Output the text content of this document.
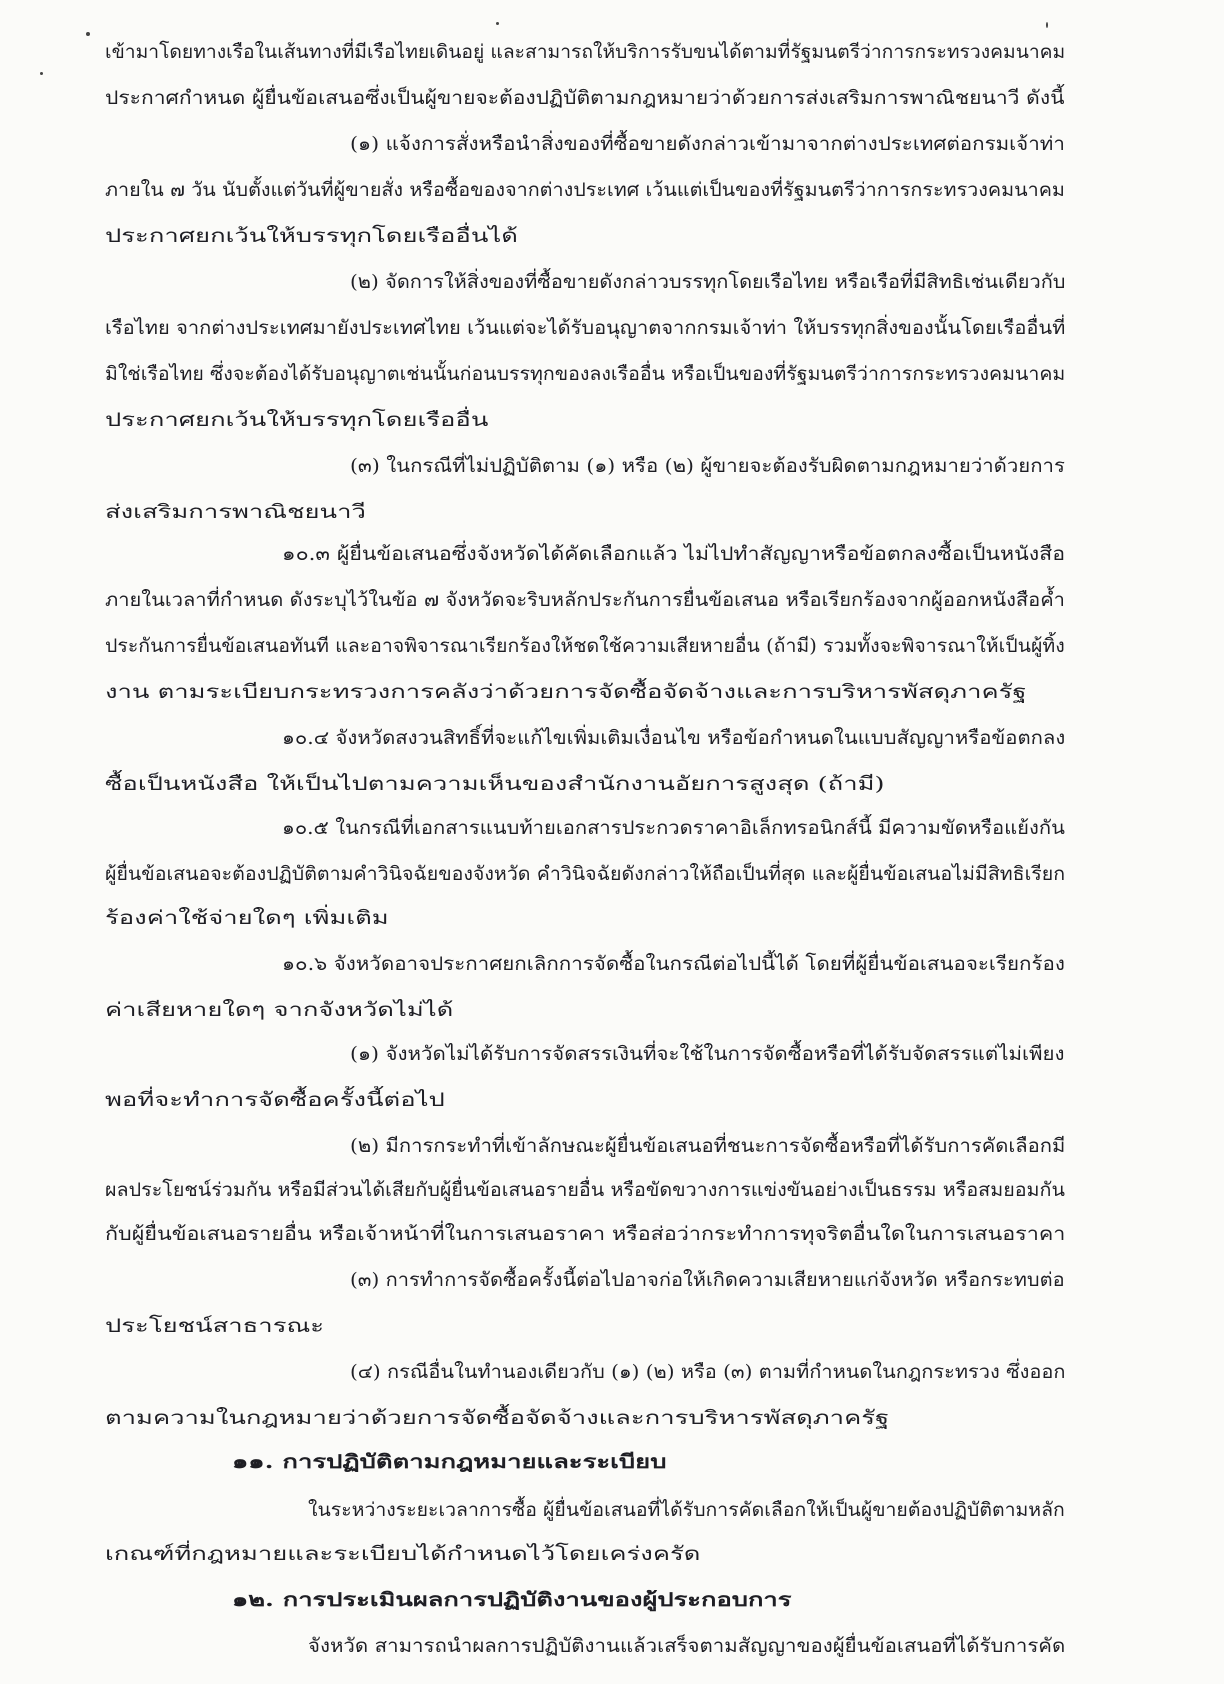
เข้ามาโดยทางเรือในเส้นทางที่มีเรือไทยเดินอยู่ และสามารถให้บริการรับขนได้ตามที่รัฐมนตรีว่าการกระทรวงคมนาคม
ประกาศกำหนด ผู้ยื่นข้อเสนอซึ่งเป็นผู้ขายจะต้องปฏิบัติตามกฎหมายว่าด้วยการส่งเสริมการพาณิชยนาวี ดังนี้
(๑) แจ้งการสั่งหรือนำสิ่งของที่ซื้อขายดังกล่าวเข้ามาจากต่างประเทศต่อกรมเจ้าท่า
ภายใน ๗ วัน นับตั้งแต่วันที่ผู้ขายสั่ง หรือซื้อของจากต่างประเทศ เว้นแต่เป็นของที่รัฐมนตรีว่าการกระทรวงคมนาคม
ประกาศยกเว้นให้บรรทุกโดยเรืออื่นได้
(๒) จัดการให้สิ่งของที่ซื้อขายดังกล่าวบรรทุกโดยเรือไทย หรือเรือที่มีสิทธิเช่นเดียวกับ
เรือไทย จากต่างประเทศมายังประเทศไทย เว้นแต่จะได้รับอนุญาตจากกรมเจ้าท่า ให้บรรทุกสิ่งของนั้นโดยเรืออื่นที่
มิใช่เรือไทย ซึ่งจะต้องได้รับอนุญาตเช่นนั้นก่อนบรรทุกของลงเรืออื่น หรือเป็นของที่รัฐมนตรีว่าการกระทรวงคมนาคม
ประกาศยกเว้นให้บรรทุกโดยเรืออื่น
(๓) ในกรณีที่ไม่ปฏิบัติตาม (๑) หรือ (๒) ผู้ขายจะต้องรับผิดตามกฎหมายว่าด้วยการ
ส่งเสริมการพาณิชยนาวี
๑๐.๓ ผู้ยื่นข้อเสนอซึ่งจังหวัดได้คัดเลือกแล้ว ไม่ไปทำสัญญาหรือข้อตกลงซื้อเป็นหนังสือ
ภายในเวลาที่กำหนด ดังระบุไว้ในข้อ ๗ จังหวัดจะริบหลักประกันการยื่นข้อเสนอ หรือเรียกร้องจากผู้ออกหนังสือค้ำ
ประกันการยื่นข้อเสนอทันที และอาจพิจารณาเรียกร้องให้ชดใช้ความเสียหายอื่น (ถ้ามี) รวมทั้งจะพิจารณาให้เป็นผู้ทิ้ง
งาน ตามระเบียบกระทรวงการคลังว่าด้วยการจัดซื้อจัดจ้างและการบริหารพัสดุภาครัฐ
๑๐.๔ จังหวัดสงวนสิทธิ์ที่จะแก้ไขเพิ่มเติมเงื่อนไข หรือข้อกำหนดในแบบสัญญาหรือข้อตกลง
ซื้อเป็นหนังสือ ให้เป็นไปตามความเห็นของสำนักงานอัยการสูงสุด (ถ้ามี)
๑๐.๕ ในกรณีที่เอกสารแนบท้ายเอกสารประกวดราคาอิเล็กทรอนิกส์นี้ มีความขัดหรือแย้งกัน
ผู้ยื่นข้อเสนอจะต้องปฏิบัติตามคำวินิจฉัยของจังหวัด คำวินิจฉัยดังกล่าวให้ถือเป็นที่สุด และผู้ยื่นข้อเสนอไม่มีสิทธิเรียก
ร้องค่าใช้จ่ายใดๆ เพิ่มเติม
๑๐.๖ จังหวัดอาจประกาศยกเลิกการจัดซื้อในกรณีต่อไปนี้ได้ โดยที่ผู้ยื่นข้อเสนอจะเรียกร้อง
ค่าเสียหายใดๆ จากจังหวัดไม่ได้
(๑) จังหวัดไม่ได้รับการจัดสรรเงินที่จะใช้ในการจัดซื้อหรือที่ได้รับจัดสรรแต่ไม่เพียง
พอที่จะทำการจัดซื้อครั้งนี้ต่อไป
(๒) มีการกระทำที่เข้าลักษณะผู้ยื่นข้อเสนอที่ชนะการจัดซื้อหรือที่ได้รับการคัดเลือกมี
ผลประโยชน์ร่วมกัน หรือมีส่วนได้เสียกับผู้ยื่นข้อเสนอรายอื่น หรือขัดขวางการแข่งขันอย่างเป็นธรรม หรือสมยอมกัน
กับผู้ยื่นข้อเสนอรายอื่น หรือเจ้าหน้าที่ในการเสนอราคา หรือส่อว่ากระทำการทุจริตอื่นใดในการเสนอราคา
(๓) การทำการจัดซื้อครั้งนี้ต่อไปอาจก่อให้เกิดความเสียหายแก่จังหวัด หรือกระทบต่อ
ประโยชน์สาธารณะ
(๔) กรณีอื่นในทำนองเดียวกับ (๑) (๒) หรือ (๓) ตามที่กำหนดในกฎกระทรวง ซึ่งออก
ตามความในกฎหมายว่าด้วยการจัดซื้อจัดจ้างและการบริหารพัสดุภาครัฐ
๑๑. การปฏิบัติตามกฎหมายและระเบียบ
ในระหว่างระยะเวลาการซื้อ ผู้ยื่นข้อเสนอที่ได้รับการคัดเลือกให้เป็นผู้ขายต้องปฏิบัติตามหลัก
เกณฑ์ที่กฎหมายและระเบียบได้กำหนดไว้โดยเคร่งครัด
๑๒. การประเมินผลการปฏิบัติงานของผู้ประกอบการ
จังหวัด สามารถนำผลการปฏิบัติงานแล้วเสร็จตามสัญญาของผู้ยื่นข้อเสนอที่ได้รับการคัด
